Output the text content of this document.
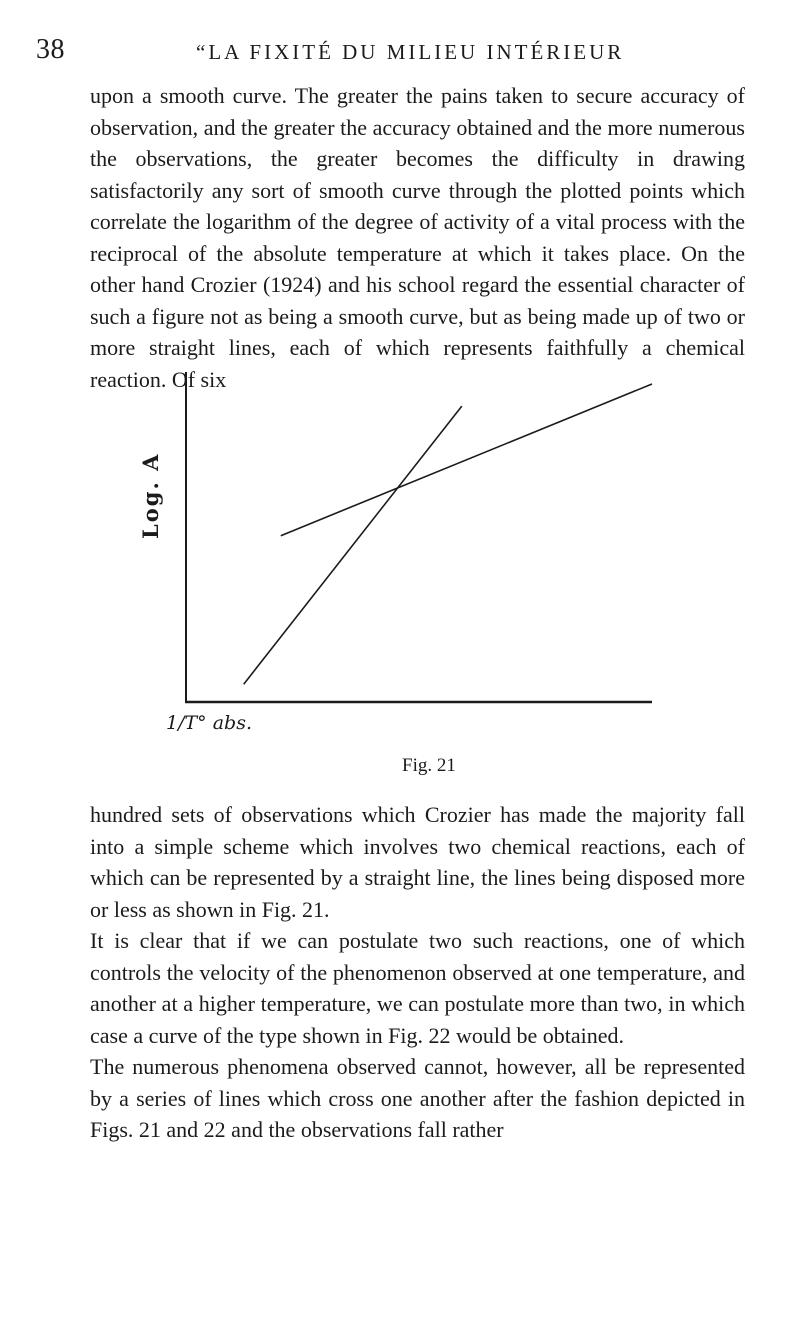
38	“LA FIXITÉ DU MILIEU INTÉRIEUR

upon a smooth curve. The greater the pains taken to secure accuracy of observation, and the greater the accuracy obtained and the more numerous the observations, the greater becomes the difficulty in drawing satisfactorily any sort of smooth curve through the plotted points which correlate the logarithm of the degree of activity of a vital process with the reciprocal of the absolute temperature at which it takes place. On the other hand Crozier (1924) and his school regard the essential character of such a figure not as being a smooth curve, but as being made up of two or more straight lines, each of which represents faithfully a chemical reaction. Of six

Log. A
1/T° abs.
Fig. 21

hundred sets of observations which Crozier has made the majority fall into a simple scheme which involves two chemical reactions, each of which can be represented by a straight line, the lines being disposed more or less as shown in Fig. 21.

It is clear that if we can postulate two such reactions, one of which controls the velocity of the phenomenon observed at one temperature, and another at a higher temperature, we can postulate more than two, in which case a curve of the type shown in Fig. 22 would be obtained.

The numerous phenomena observed cannot, however, all be represented by a series of lines which cross one another after the fashion depicted in Figs. 21 and 22 and the observations fall rather
